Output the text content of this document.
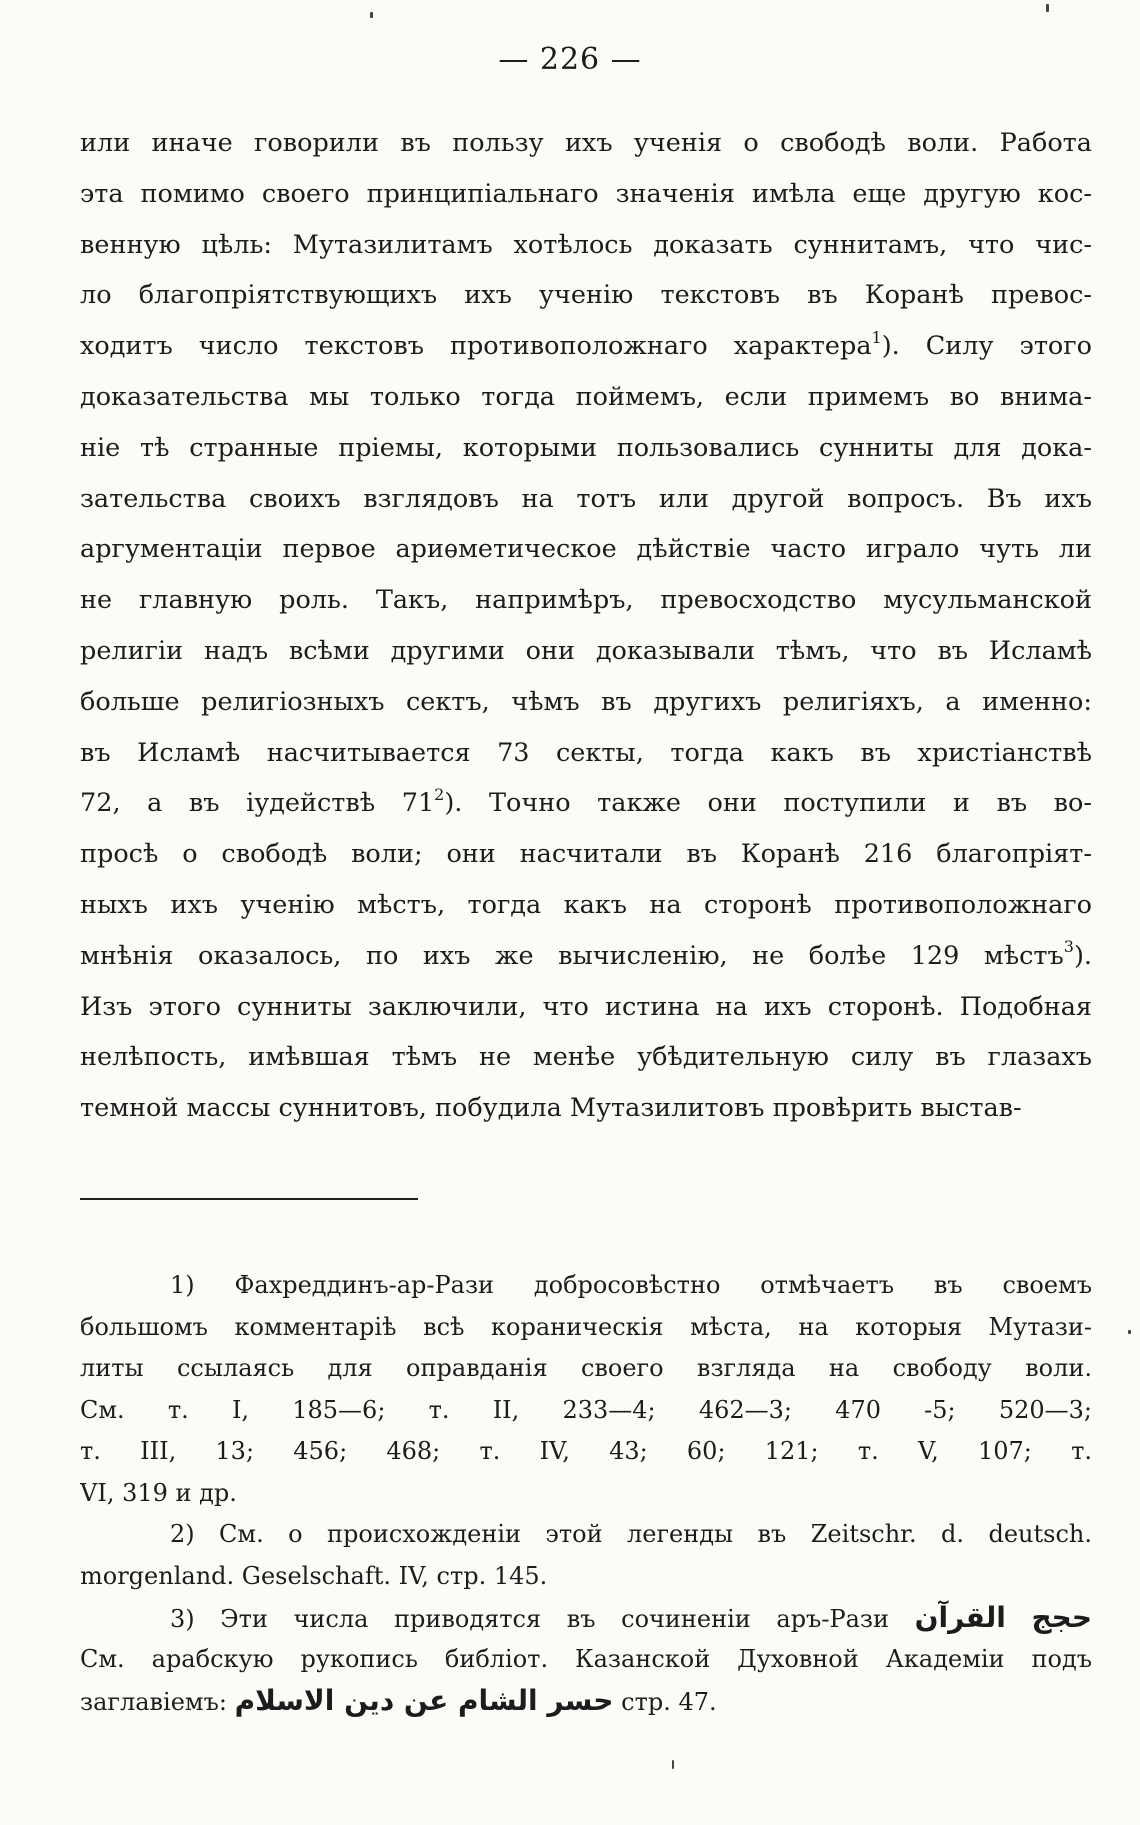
— 226 —
или иначе говорили въ пользу ихъ ученія о свободѣ воли. Работа
эта помимо своего принципіальнаго значенія имѣла еще другую кос-
венную цѣль: Мутазилитамъ хотѣлось доказать суннитамъ, что чис-
ло благопріятствующихъ ихъ ученію текстовъ въ Коранѣ превос-
ходитъ число текстовъ противоположнаго характера$^1$). Силу этого
доказательства мы только тогда поймемъ, если примемъ во внима-
ніе тѣ странные пріемы, которыми пользовались сунниты для дока-
зательства своихъ взглядовъ на тотъ или другой вопросъ. Въ ихъ
аргументаціи первое ариѳметическое дѣйствіе часто играло чуть ли
не главную роль. Такъ, напримѣръ, превосходство мусульманской
религіи надъ всѣми другими они доказывали тѣмъ, что въ Исламѣ
больше религіозныхъ сектъ, чѣмъ въ другихъ религіяхъ, а именно:
въ Исламѣ насчитывается 73 секты, тогда какъ въ христіанствѣ
72, а въ іудействѣ $71^2$). Точно также они поступили и въ во-
просѣ о свободѣ воли; они насчитали въ Коранѣ 216 благопріят-
ныхъ ихъ ученію мѣстъ, тогда какъ на сторонѣ противоположнаго
мнѣнія оказалось, по ихъ же вычисленію, не болѣе 129 мѣстъ$^3$).
Изъ этого сунниты заключили, что истина на ихъ сторонѣ. Подобная
нелѣпость, имѣвшая тѣмъ не менѣе убѣдительную силу въ глазахъ
темной массы суннитовъ, побудила Мутазилитовъ провѣрить выстав-
1) Фахреддинъ-ар-Рази добросовѣстно отмѣчаетъ въ своемъ
большомъ комментаріѣ всѣ кораническія мѣста, на которыя Мутази-
литы ссылаясь для оправданія своего взгляда на свободу воли.
См. т. I, 185—6; т. II, 233—4; 462—3; 470 -5; 520—3;
т. III, 13; 456; 468; т. IV, 43; 60; 121; т. V, 107; т.
VI, 319 и др.
2) См. о происхожденіи этой легенды въ Zeitschr. d. deutsch.
morgenland. Geselschaft. IV, стр. 145.
3) Эти числа приводятся въ сочиненіи аръ-Рази القرآن حجج
См. арабскую рукопись библіот. Казанской Духовной Академіи подъ
заглавіемъ: حسر الشام عن دين الاسلام стр. 47.
